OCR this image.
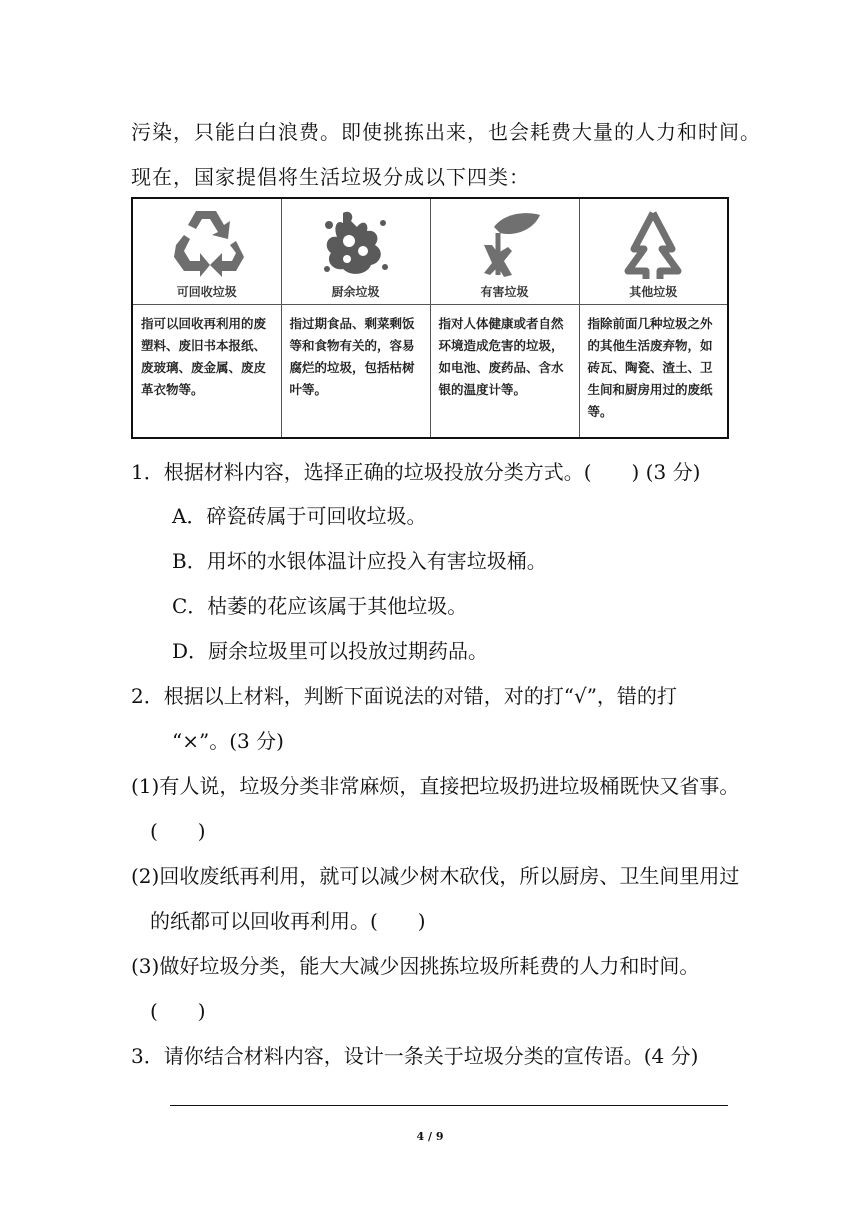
污染，只能白白浪费。即使挑拣出来，也会耗费大量的人力和时间。
现在，国家提倡将生活垃圾分成以下四类：
可回收垃圾	厨余垃圾	有害垃圾	其他垃圾

指可以回收再利用的废塑料、废旧书本报纸、废玻璃、废金属、废皮革衣物等。	指过期食品、剩菜剩饭等和食物有关的，容易腐烂的垃圾，包括枯树叶等。	指对人体健康或者自然环境造成危害的垃圾，如电池、废药品、含水银的温度计等。	指除前面几种垃圾之外的其他生活废弃物，如砖瓦、陶瓷、渣土、卫生间和厨房用过的废纸等。
1．根据材料内容，选择正确的垃圾投放分类方式。(　　) (3 分)
A．碎瓷砖属于可回收垃圾。
B．用坏的水银体温计应投入有害垃圾桶。
C．枯萎的花应该属于其他垃圾。
D．厨余垃圾里可以投放过期药品。
2．根据以上材料，判断下面说法的对错，对的打“√”，错的打
“×”。(3 分)
(1)有人说，垃圾分类非常麻烦，直接把垃圾扔进垃圾桶既快又省事。
(　　)
(2)回收废纸再利用，就可以减少树木砍伐，所以厨房、卫生间里用过
的纸都可以回收再利用。(　　)
(3)做好垃圾分类，能大大减少因挑拣垃圾所耗费的人力和时间。
(　　)
3．请你结合材料内容，设计一条关于垃圾分类的宣传语。(4 分)
4 / 9
